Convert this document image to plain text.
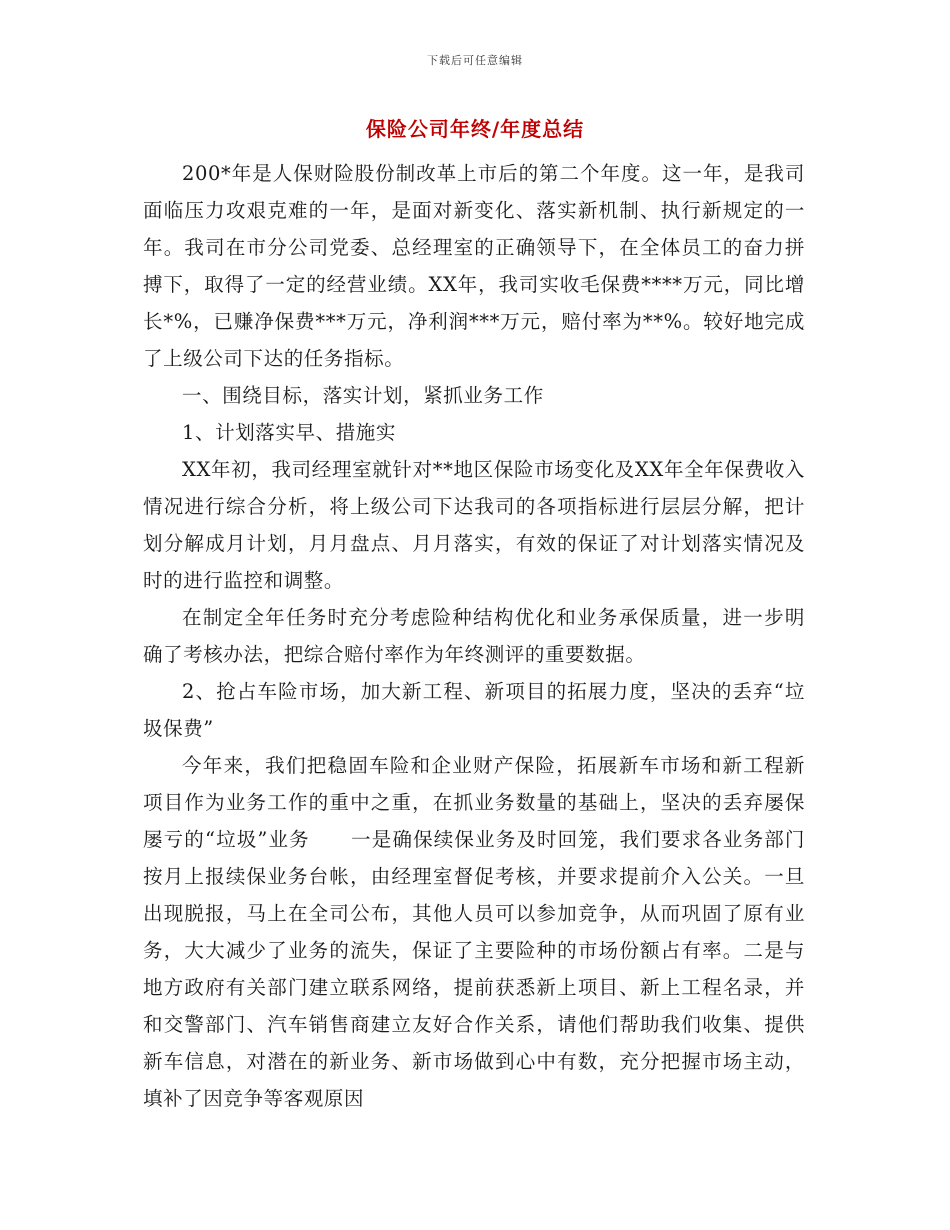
下载后可任意编辑
保险公司年终/年度总结

200*年是人保财险股份制改革上市后的第二个年度。这一年，是我司面临压力攻艰克难的一年，是面对新变化、落实新机制、执行新规定的一年。我司在市分公司党委、总经理室的正确领导下，在全体员工的奋力拼搏下，取得了一定的经营业绩。XX年，我司实收毛保费****万元，同比增长*%，已赚净保费***万元，净利润***万元，赔付率为**%。较好地完成了上级公司下达的任务指标。

一、围绕目标，落实计划，紧抓业务工作

1、计划落实早、措施实

XX年初，我司经理室就针对**地区保险市场变化及XX年全年保费收入情况进行综合分析，将上级公司下达我司的各项指标进行层层分解，把计划分解成月计划，月月盘点、月月落实，有效的保证了对计划落实情况及时的进行监控和调整。

在制定全年任务时充分考虑险种结构优化和业务承保质量，进一步明确了考核办法，把综合赔付率作为年终测评的重要数据。

2、抢占车险市场，加大新工程、新项目的拓展力度，坚决的丢弃“垃圾保费”

今年来，我们把稳固车险和企业财产保险，拓展新车市场和新工程新项目作为业务工作的重中之重，在抓业务数量的基础上，坚决的丢弃屡保屡亏的“垃圾”业务　　一是确保续保业务及时回笼，我们要求各业务部门按月上报续保业务台帐，由经理室督促考核，并要求提前介入公关。一旦出现脱报，马上在全司公布，其他人员可以参加竞争，从而巩固了原有业务，大大减少了业务的流失，保证了主要险种的市场份额占有率。二是与地方政府有关部门建立联系网络，提前获悉新上项目、新上工程名录，并和交警部门、汽车销售商建立友好合作关系，请他们帮助我们收集、提供新车信息，对潜在的新业务、新市场做到心中有数，充分把握市场主动，填补了因竞争等客观原因
